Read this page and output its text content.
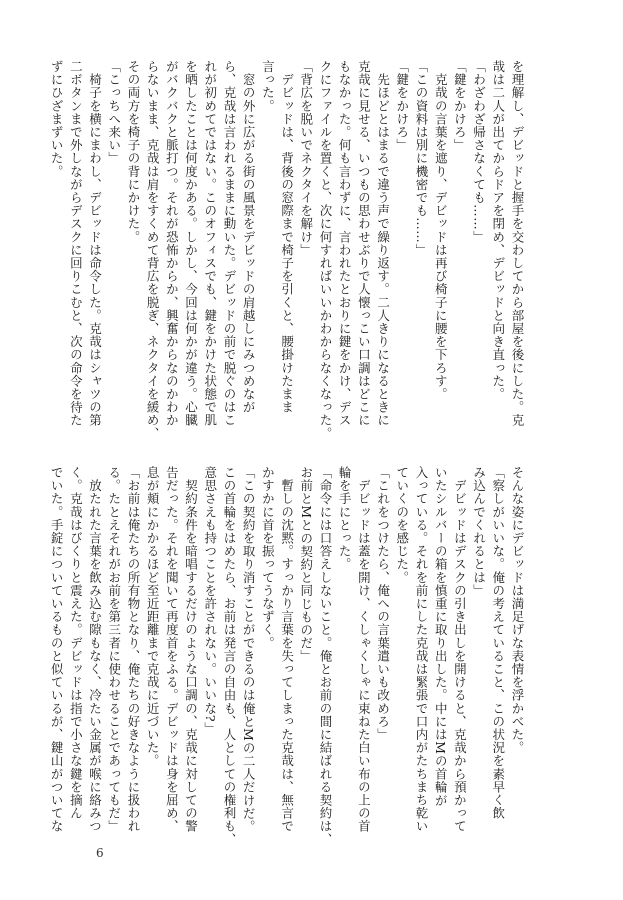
を理解し、デビッドと握手を交わしてから部屋を後にした。克

哉は二人が出てからドアを閉め、デビッドと向き直った。

「わざわざ帰さなくても……」

「鍵をかけろ」

　克哉の言葉を遮り、デビッドは再び椅子に腰を下ろす。

「この資料は別に機密でも……」

「鍵をかけろ」

　先ほどとはまるで違う声で繰り返す。二人きりになるときに

克哉に見せる、いつもの思わせぶりで人懐っこい口調はどこに

もなかった。何も言わずに、言われたとおりに鍵をかけ、デス

クにファイルを置くと、次に何すればいいかわからなくなった。

「背広を脱いでネクタイを解け」

　デビッドは、背後の窓際まで椅子を引くと、腰掛けたまま

言った。

　窓の外に広がる街の風景をデビッドの肩越しにみつめなが

ら、克哉は言われるままに動いた。デビッドの前で脱ぐのはこ

れが初めてではない。このオフィスでも、鍵をかけた状態で肌

を晒したことは何度かある。しかし、今回は何かが違う。心臓

がバクバクと脈打つ。それが恐怖からか、興奮からなのかわか

らないまま、克哉は肩をすくめて背広を脱ぎ、ネクタイを緩め、

その両方を椅子の背にかけた。

「こっちへ来い」

　椅子を横にまわし、デビッドは命令した。克哉はシャツの第

二ボタンまで外しながらデスクに回りこむと、次の命令を待た

ずにひざまずいた。

そんな姿にデビッドは満足げな表情を浮かべた。

「察しがいいな。俺の考えていること、この状況を素早く飲

み込んでくれるとは」

　デビッドはデスクの引き出しを開けると、克哉から預かって

いたシルバーの箱を慎重に取り出した。中にはMの首輪が

入っている。それを前にした克哉は緊張で口内がたちまち乾い

ていくのを感じた。

「これをつけたら、俺への言葉遣いも改めろ」

　デビッドは蓋を開け、くしゃくしゃに束ねた白い布の上の首

輪を手にとった。

「命令には口答えしないこと。俺とお前の間に結ばれる契約は、

お前とMとの契約と同じものだ」

　暫しの沈黙。すっかり言葉を失ってしまった克哉は、無言で

かすかに首を振ってうなずく。

「この契約を取り消すことができるのは俺とMの二人だけだ。

この首輪をはめたら、お前は発言の自由も、人としての権利も、

意思さえも持つことを許されない。いいな?」

　契約条件を暗唱するだけのような口調の、克哉に対しての警

告だった。それを聞いて再度首をふる。デビッドは身を屈め、

息が頬にかかるほど至近距離まで克哉に近づいた。

「お前は俺たちの所有物となり、俺たちの好きなように扱われ

る。たとえそれがお前を第三者に使わせることであってもだ」

　放たれた言葉を飲み込む隙もなく、冷たい金属が喉に絡みつ

く。克哉はびくりと震えた。デビッドは指で小さな鍵を摘ん

でいた。手錠についているものと似ているが、鍵山がついてな

6
